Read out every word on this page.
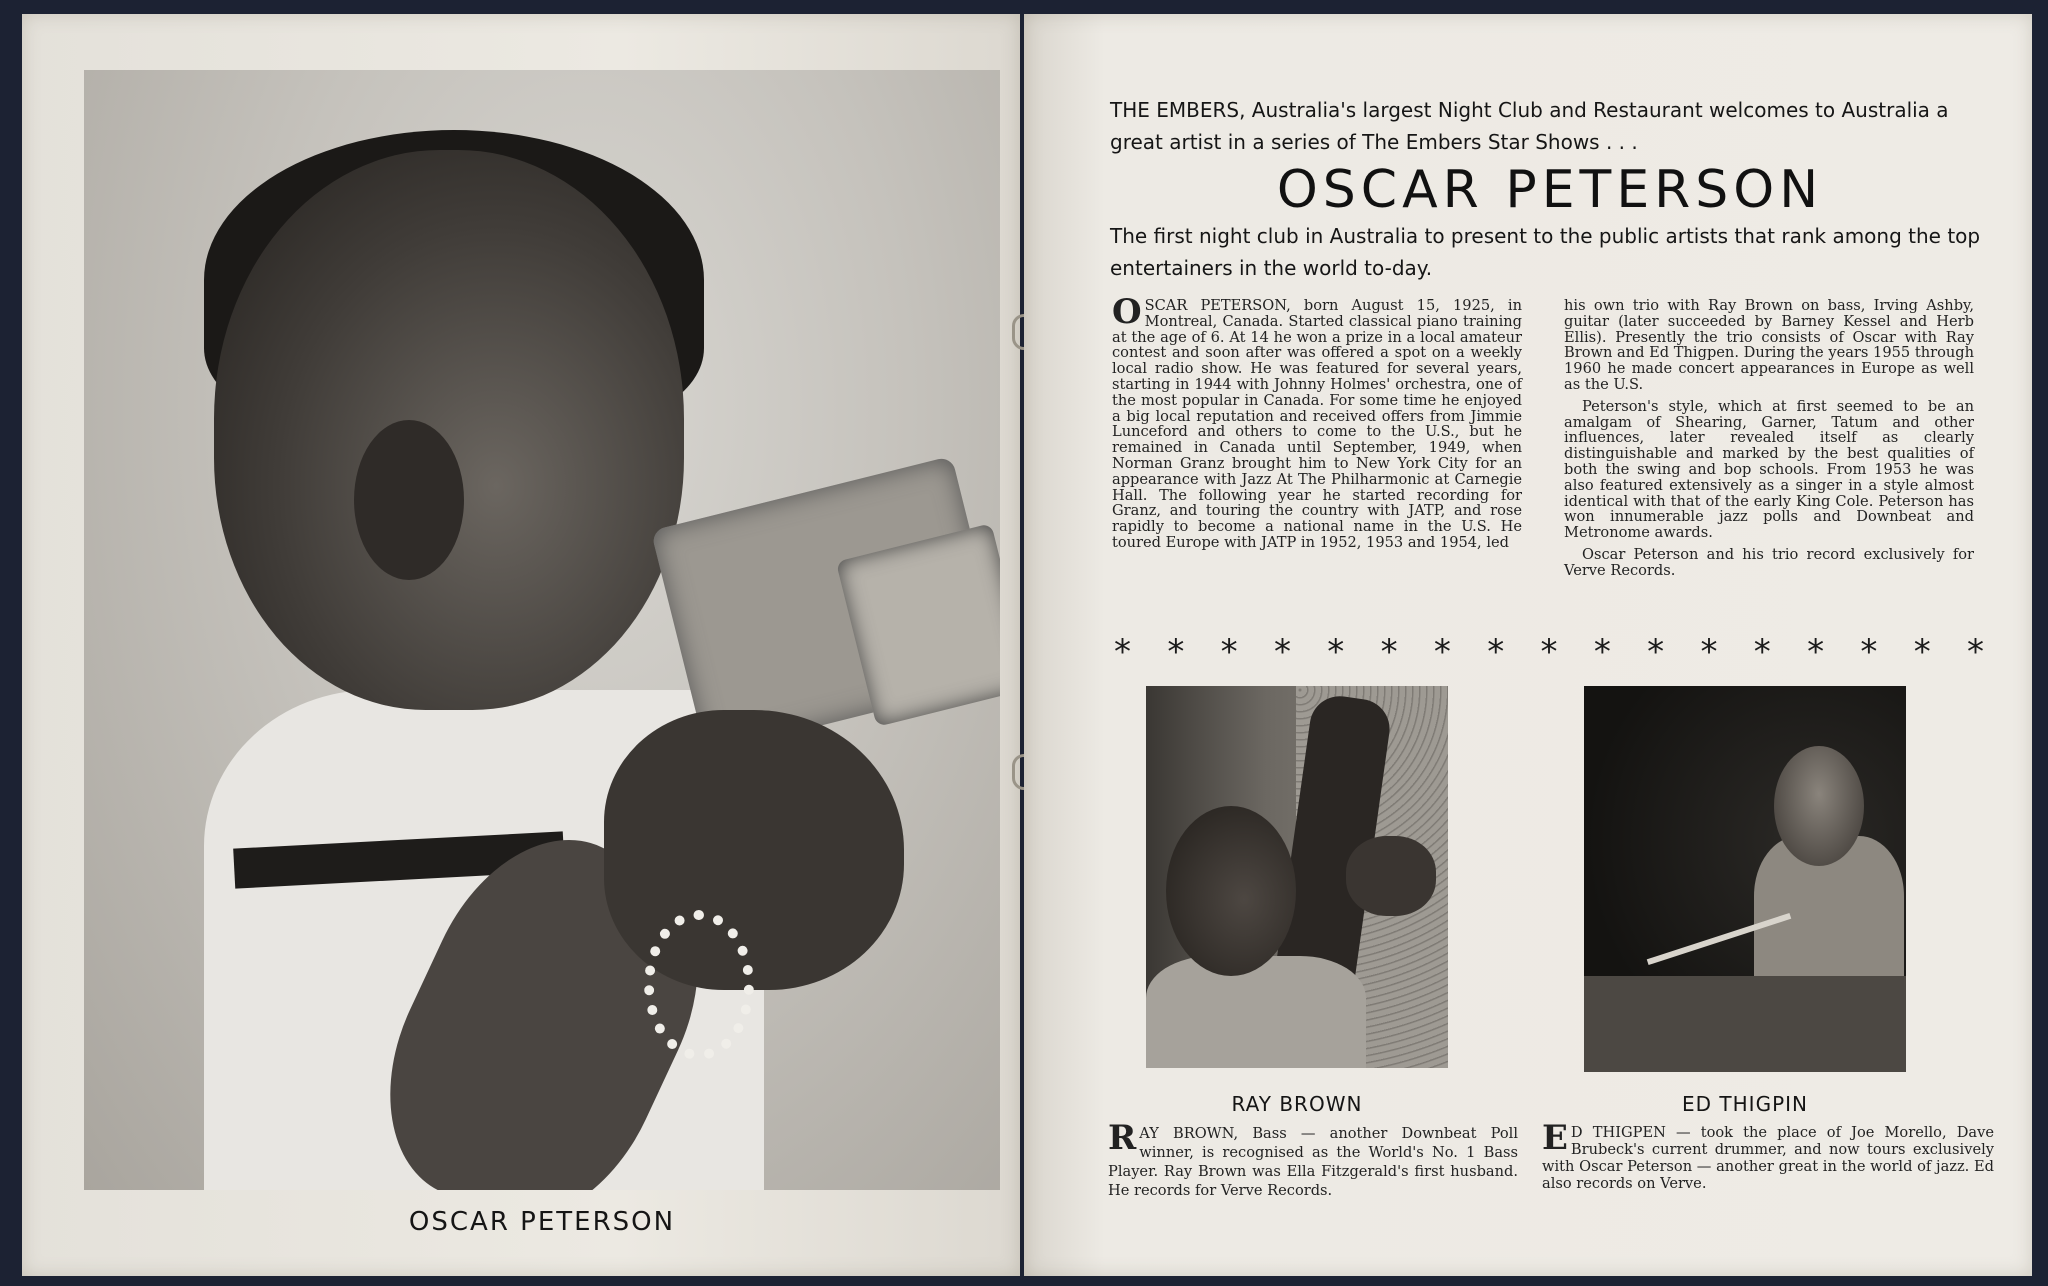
OSCAR PETERSON
THE EMBERS, Australia's largest Night Club and Restaurant welcomes to Australia a great artist in a series of The Embers Star Shows . . .
OSCAR PETERSON
The first night club in Australia to present to the public artists that rank among the top entertainers in the world to-day.

OSCAR PETERSON, born August 15, 1925, in Montreal, Canada. Started classical piano training at the age of 6. At 14 he won a prize in a local amateur contest and soon after was offered a spot on a weekly local radio show. He was featured for several years, starting in 1944 with Johnny Holmes' orchestra, one of the most popular in Canada. For some time he enjoyed a big local reputation and received offers from Jimmie Lunceford and others to come to the U.S., but he remained in Canada until September, 1949, when Norman Granz brought him to New York City for an appearance with Jazz At The Philharmonic at Carnegie Hall. The following year he started recording for Granz, and touring the country with JATP, and rose rapidly to become a national name in the U.S. He toured Europe with JATP in 1952, 1953 and 1954, led

his own trio with Ray Brown on bass, Irving Ashby, guitar (later succeeded by Barney Kessel and Herb Ellis). Presently the trio consists of Oscar with Ray Brown and Ed Thigpen. During the years 1955 through 1960 he made concert appearances in Europe as well as the U.S.

Peterson's style, which at first seemed to be an amalgam of Shearing, Garner, Tatum and other influences, later revealed itself as clearly distinguishable and marked by the best qualities of both the swing and bop schools. From 1953 he was also featured extensively as a singer in a style almost identical with that of the early King Cole. Peterson has won innumerable jazz polls and Downbeat and Metronome awards.

Oscar Peterson and his trio record exclusively for Verve Records.

* * * * * * * * * * * * * * * * *
RAY BROWN	ED THIGPIN
RAY BROWN, Bass — another Downbeat Poll winner, is recognised as the World's No. 1 Bass Player. Ray Brown was Ella Fitzgerald's first husband. He records for Verve Records.
E D THIGPEN — took the place of Joe Morello, Dave Brubeck's current drummer, and now tours exclusively with Oscar Peterson — another great in the world of jazz. Ed also records on Verve.
